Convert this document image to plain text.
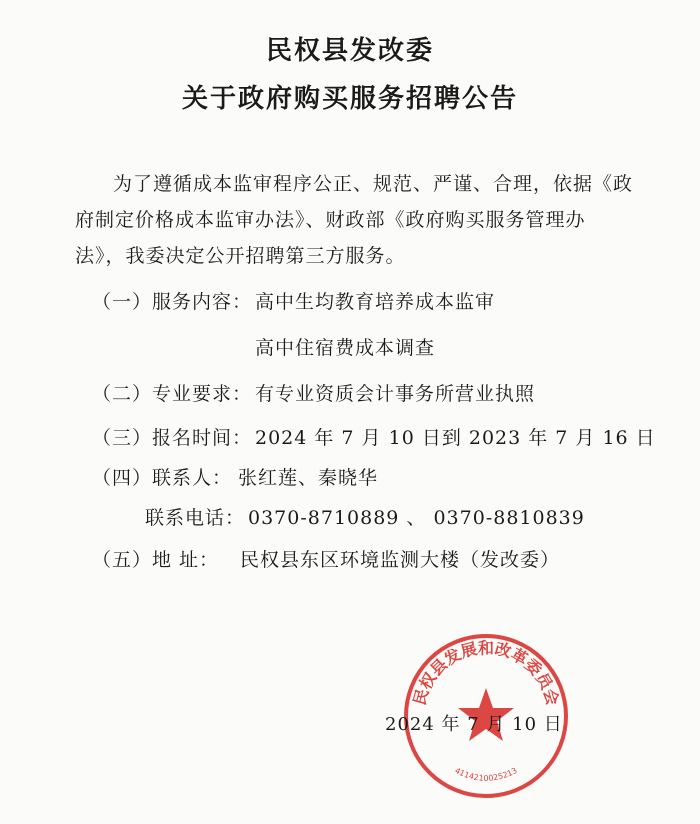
民权县发改委
关于政府购买服务招聘公告
为了遵循成本监审程序公正、规范、严谨、合理，依据《政府制定价格成本监审办法》、财政部《政府购买服务管理办法》，我委决定公开招聘第三方服务。
（一）服务内容： 高中生均教育培养成本监审
高中住宿费成本调查
（二）专业要求： 有专业资质会计事务所营业执照
（三）报名时间： 2024 年 7 月 10 日到 2023 年 7 月 16 日
（四）联系人： 张红莲、秦晓华
联系电话： 0370-8710889 、 0370-8810839
（五）地 址： 民权县东区环境监测大楼（发改委）
民权县发展和改革委员会
4114210025213
2024 年 7 月 10 日
